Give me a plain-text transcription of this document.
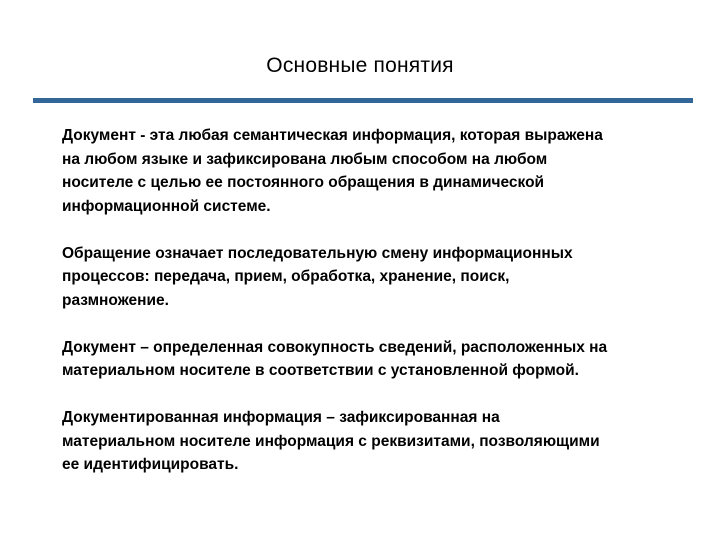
Основные понятия

Документ - эта любая семантическая информация, которая выражена
на любом языке и зафиксирована любым способом на любом
носителе с целью ее постоянного обращения в динамической
информационной системе.

Обращение означает последовательную смену информационных
процессов: передача, прием, обработка, хранение, поиск,
размножение.

Документ – определенная совокупность сведений, расположенных на
материальном носителе в соответствии с установленной формой.

Документированная информация – зафиксированная на
материальном носителе информация с реквизитами, позволяющими
ее идентифицировать.
